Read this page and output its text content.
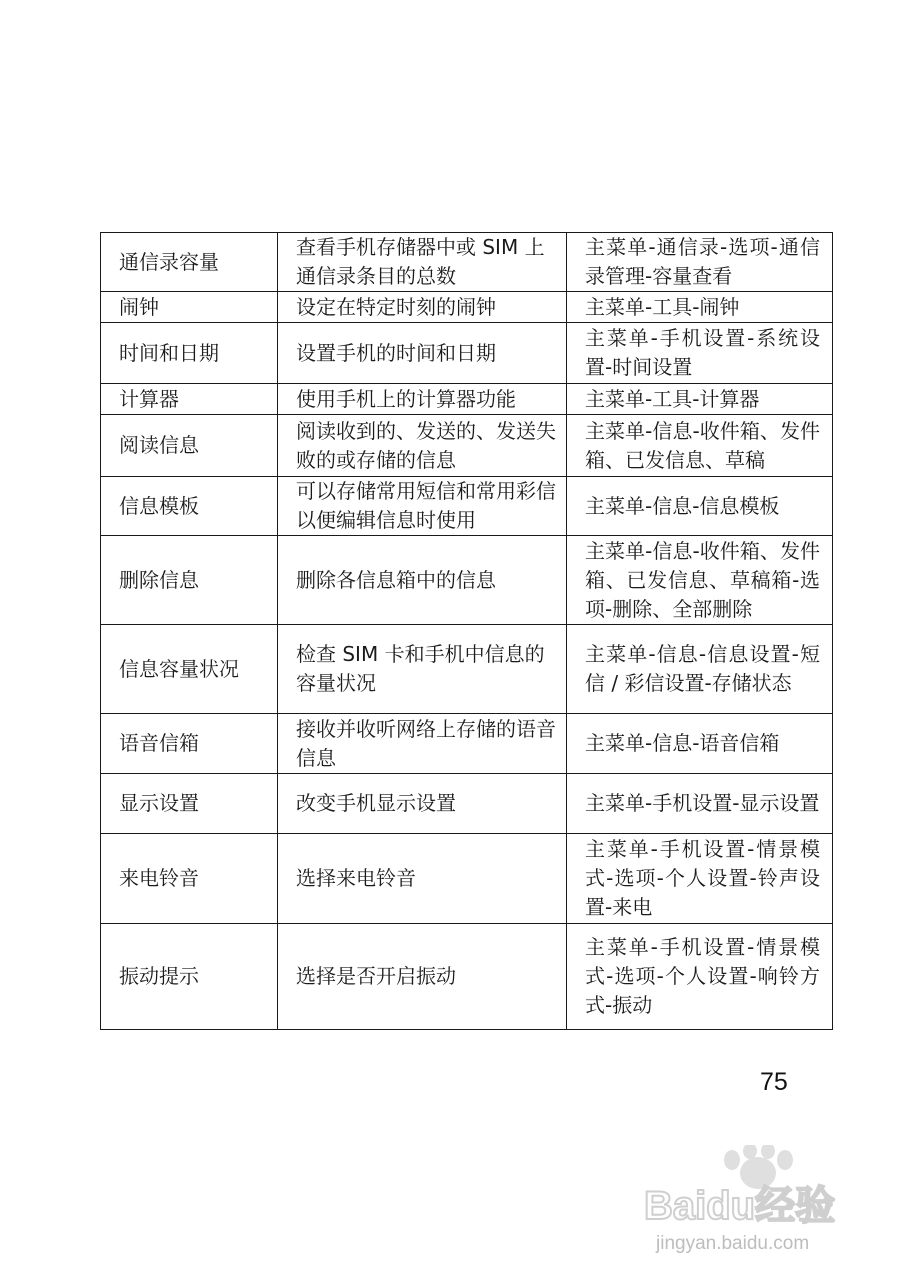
通信录容量	查看手机存储器中或 SIM 上通信录条目的总数	主菜单-通信录-选项-通信录管理-容量查看
闹钟	设定在特定时刻的闹钟	主菜单-工具-闹钟
时间和日期	设置手机的时间和日期	主菜单-手机设置-系统设置-时间设置
计算器	使用手机上的计算器功能	主菜单-工具-计算器
阅读信息	阅读收到的、发送的、发送失败的或存储的信息	主菜单-信息-收件箱、发件箱、已发信息、草稿
信息模板	可以存储常用短信和常用彩信以便编辑信息时使用	主菜单-信息-信息模板
删除信息	删除各信息箱中的信息	主菜单-信息-收件箱、发件箱、已发信息、草稿箱-选项-删除、全部删除
信息容量状况	检查 SIM 卡和手机中信息的容量状况	主菜单-信息-信息设置-短信 / 彩信设置-存储状态
语音信箱	接收并收听网络上存储的语音信息	主菜单-信息-语音信箱
显示设置	改变手机显示设置	主菜单-手机设置-显示设置
来电铃音	选择来电铃音	主菜单-手机设置-情景模式-选项-个人设置-铃声设置-来电
振动提示	选择是否开启振动	主菜单-手机设置-情景模式-选项-个人设置-响铃方式-振动
75
Baidu经验
jingyan.baidu.com
